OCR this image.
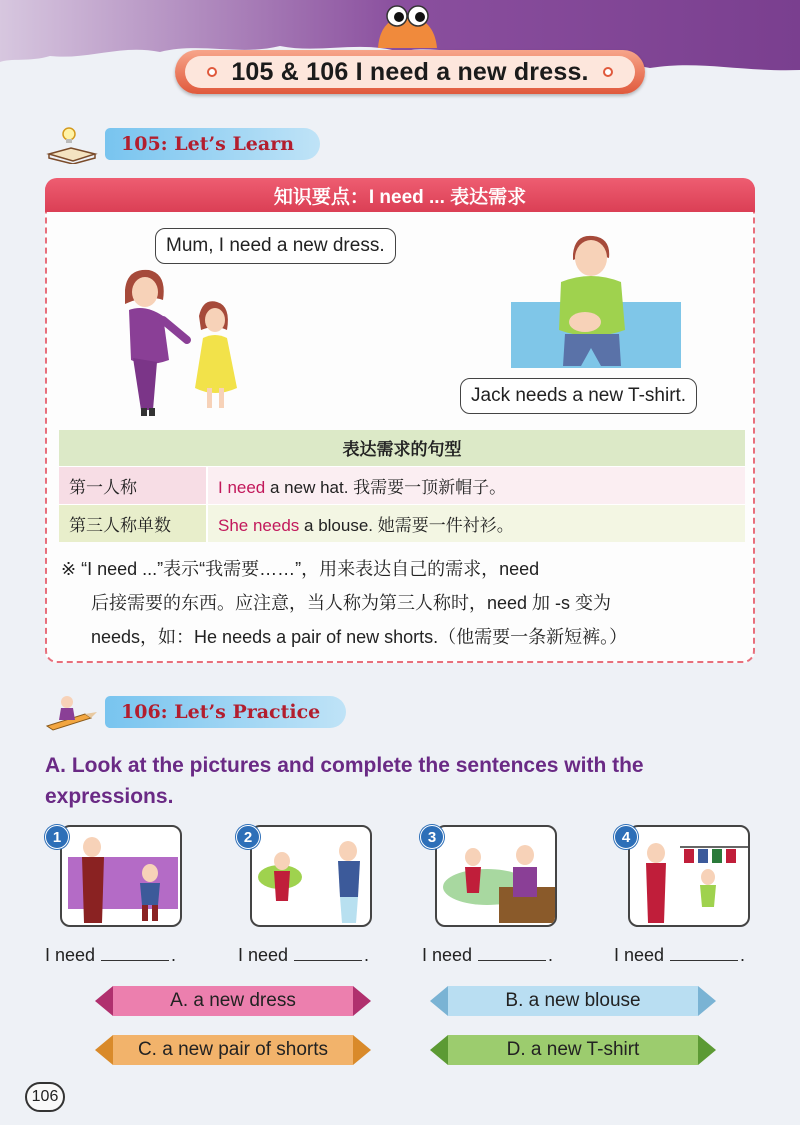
105 & 106 I need a new dress.
105: Let’s Learn
知识要点：I need ... 表达需求
Mum, I need a new dress.
Jack needs a new T-shirt.
表达需求的句型	
第一人称	I need a new hat. 我需要一顶新帽子。
第三人称单数	She needs a blouse. 她需要一件衬衫。

※ “I need ...”表示“我需要……”，用来表达自己的需求，need

后接需要的东西。应注意，当人称为第三人称时，need 加 -s 变为

needs，如：He needs a pair of new shorts.（他需要一条新短裤。）

106: Let’s Practice
A. Look at the pictures and complete the sentences with the expressions.
1	2	3	4
I need	.	I need	.	I need	.	I need	.
A. a new dress	B. a new blouse
C. a new pair of shorts	D. a new T-shirt
106
